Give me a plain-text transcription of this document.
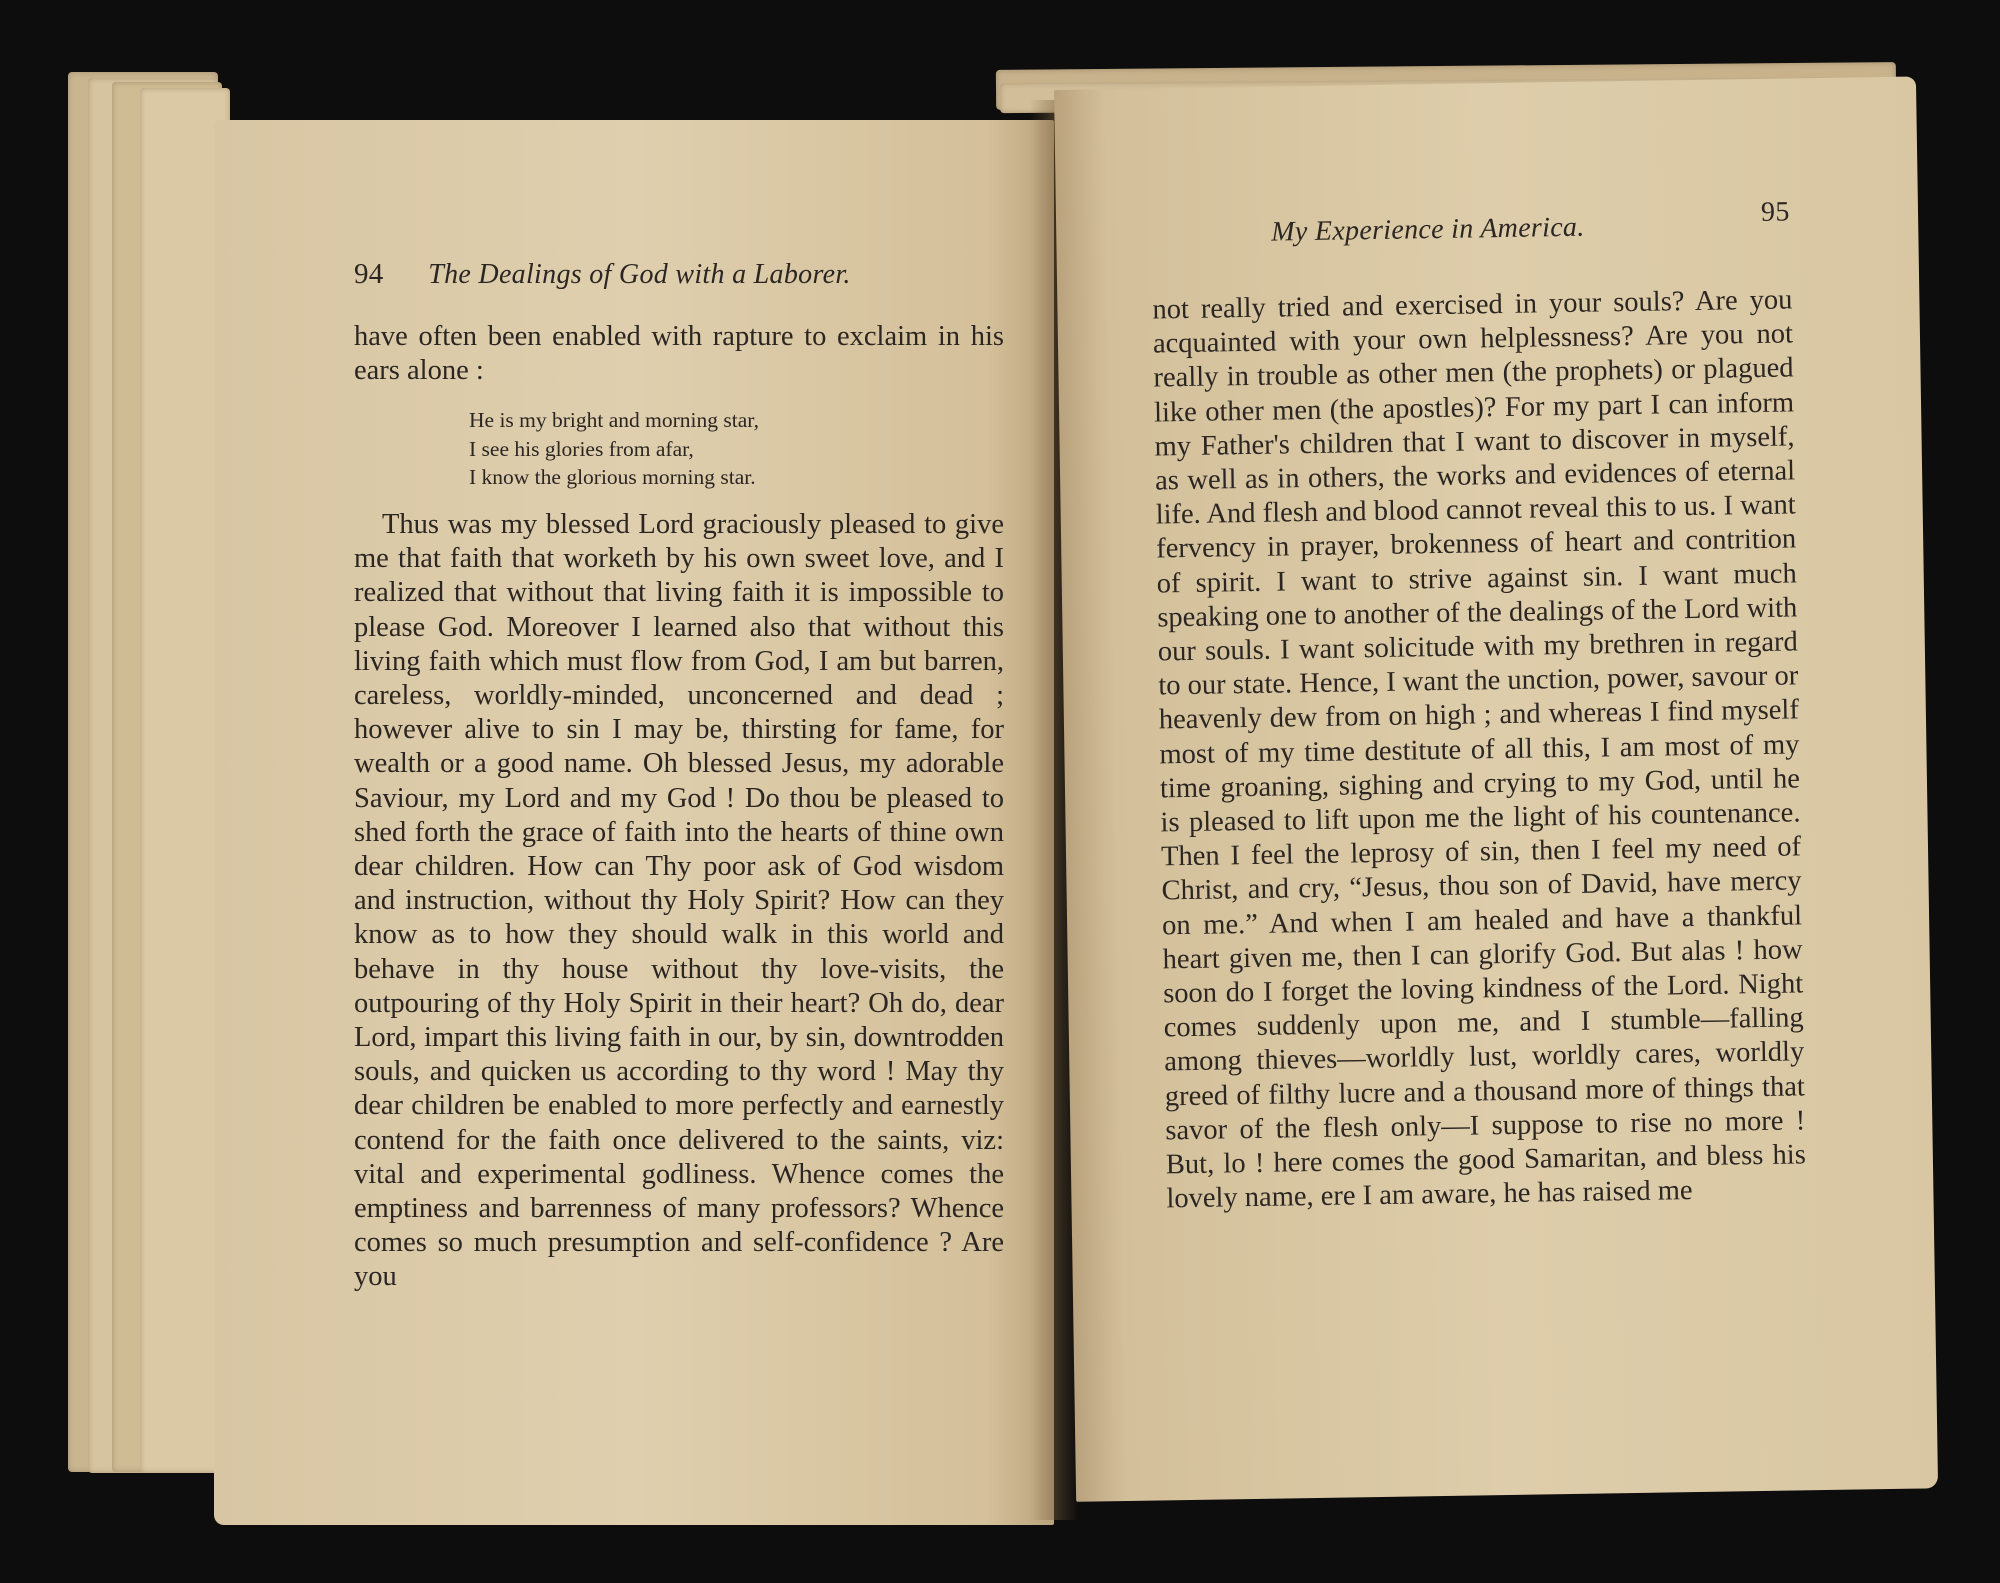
94 The Dealings of God with a Laborer.

have often been enabled with rapture to exclaim in his ears alone :

He is my bright and morning star,
I see his glories from afar,
I know the glorious morning star.

Thus was my blessed Lord graciously pleased to give me that faith that worketh by his own sweet love, and I realized that without that living faith it is impossible to please God. Moreover I learned also that without this living faith which must flow from God, I am but barren, careless, worldly-minded, unconcerned and dead ; however alive to sin I may be, thirsting for fame, for wealth or a good name. Oh blessed Jesus, my adorable Saviour, my Lord and my God ! Do thou be pleased to shed forth the grace of faith into the hearts of thine own dear children. How can Thy poor ask of God wisdom and instruction, without thy Holy Spirit? How can they know as to how they should walk in this world and behave in thy house without thy love-visits, the outpouring of thy Holy Spirit in their heart? Oh do, dear Lord, impart this living faith in our, by sin, downtrodden souls, and quicken us according to thy word ! May thy dear children be enabled to more perfectly and earnestly contend for the faith once delivered to the saints, viz: vital and experimental godliness. Whence comes the emptiness and barrenness of many professors? Whence comes so much presumption and self-confidence ? Are you

My Experience in America.	95

not really tried and exercised in your souls? Are you acquainted with your own helplessness? Are you not really in trouble as other men (the prophets) or plagued like other men (the apostles)? For my part I can inform my Father's children that I want to discover in myself, as well as in others, the works and evidences of eternal life. And flesh and blood cannot reveal this to us. I want fervency in prayer, brokenness of heart and contrition of spirit. I want to strive against sin. I want much speaking one to another of the dealings of the Lord with our souls. I want solicitude with my brethren in regard to our state. Hence, I want the unction, power, savour or heavenly dew from on high ; and whereas I find myself most of my time destitute of all this, I am most of my time groaning, sighing and crying to my God, until he is pleased to lift upon me the light of his countenance. Then I feel the leprosy of sin, then I feel my need of Christ, and cry, “Jesus, thou son of David, have mercy on me.” And when I am healed and have a thankful heart given me, then I can glorify God. But alas ! how soon do I forget the loving kindness of the Lord. Night comes suddenly upon me, and I stumble—falling among thieves—worldly lust, worldly cares, worldly greed of filthy lucre and a thousand more of things that savor of the flesh only—I suppose to rise no more ! But, lo ! here comes the good Samaritan, and bless his lovely name, ere I am aware, he has raised me
